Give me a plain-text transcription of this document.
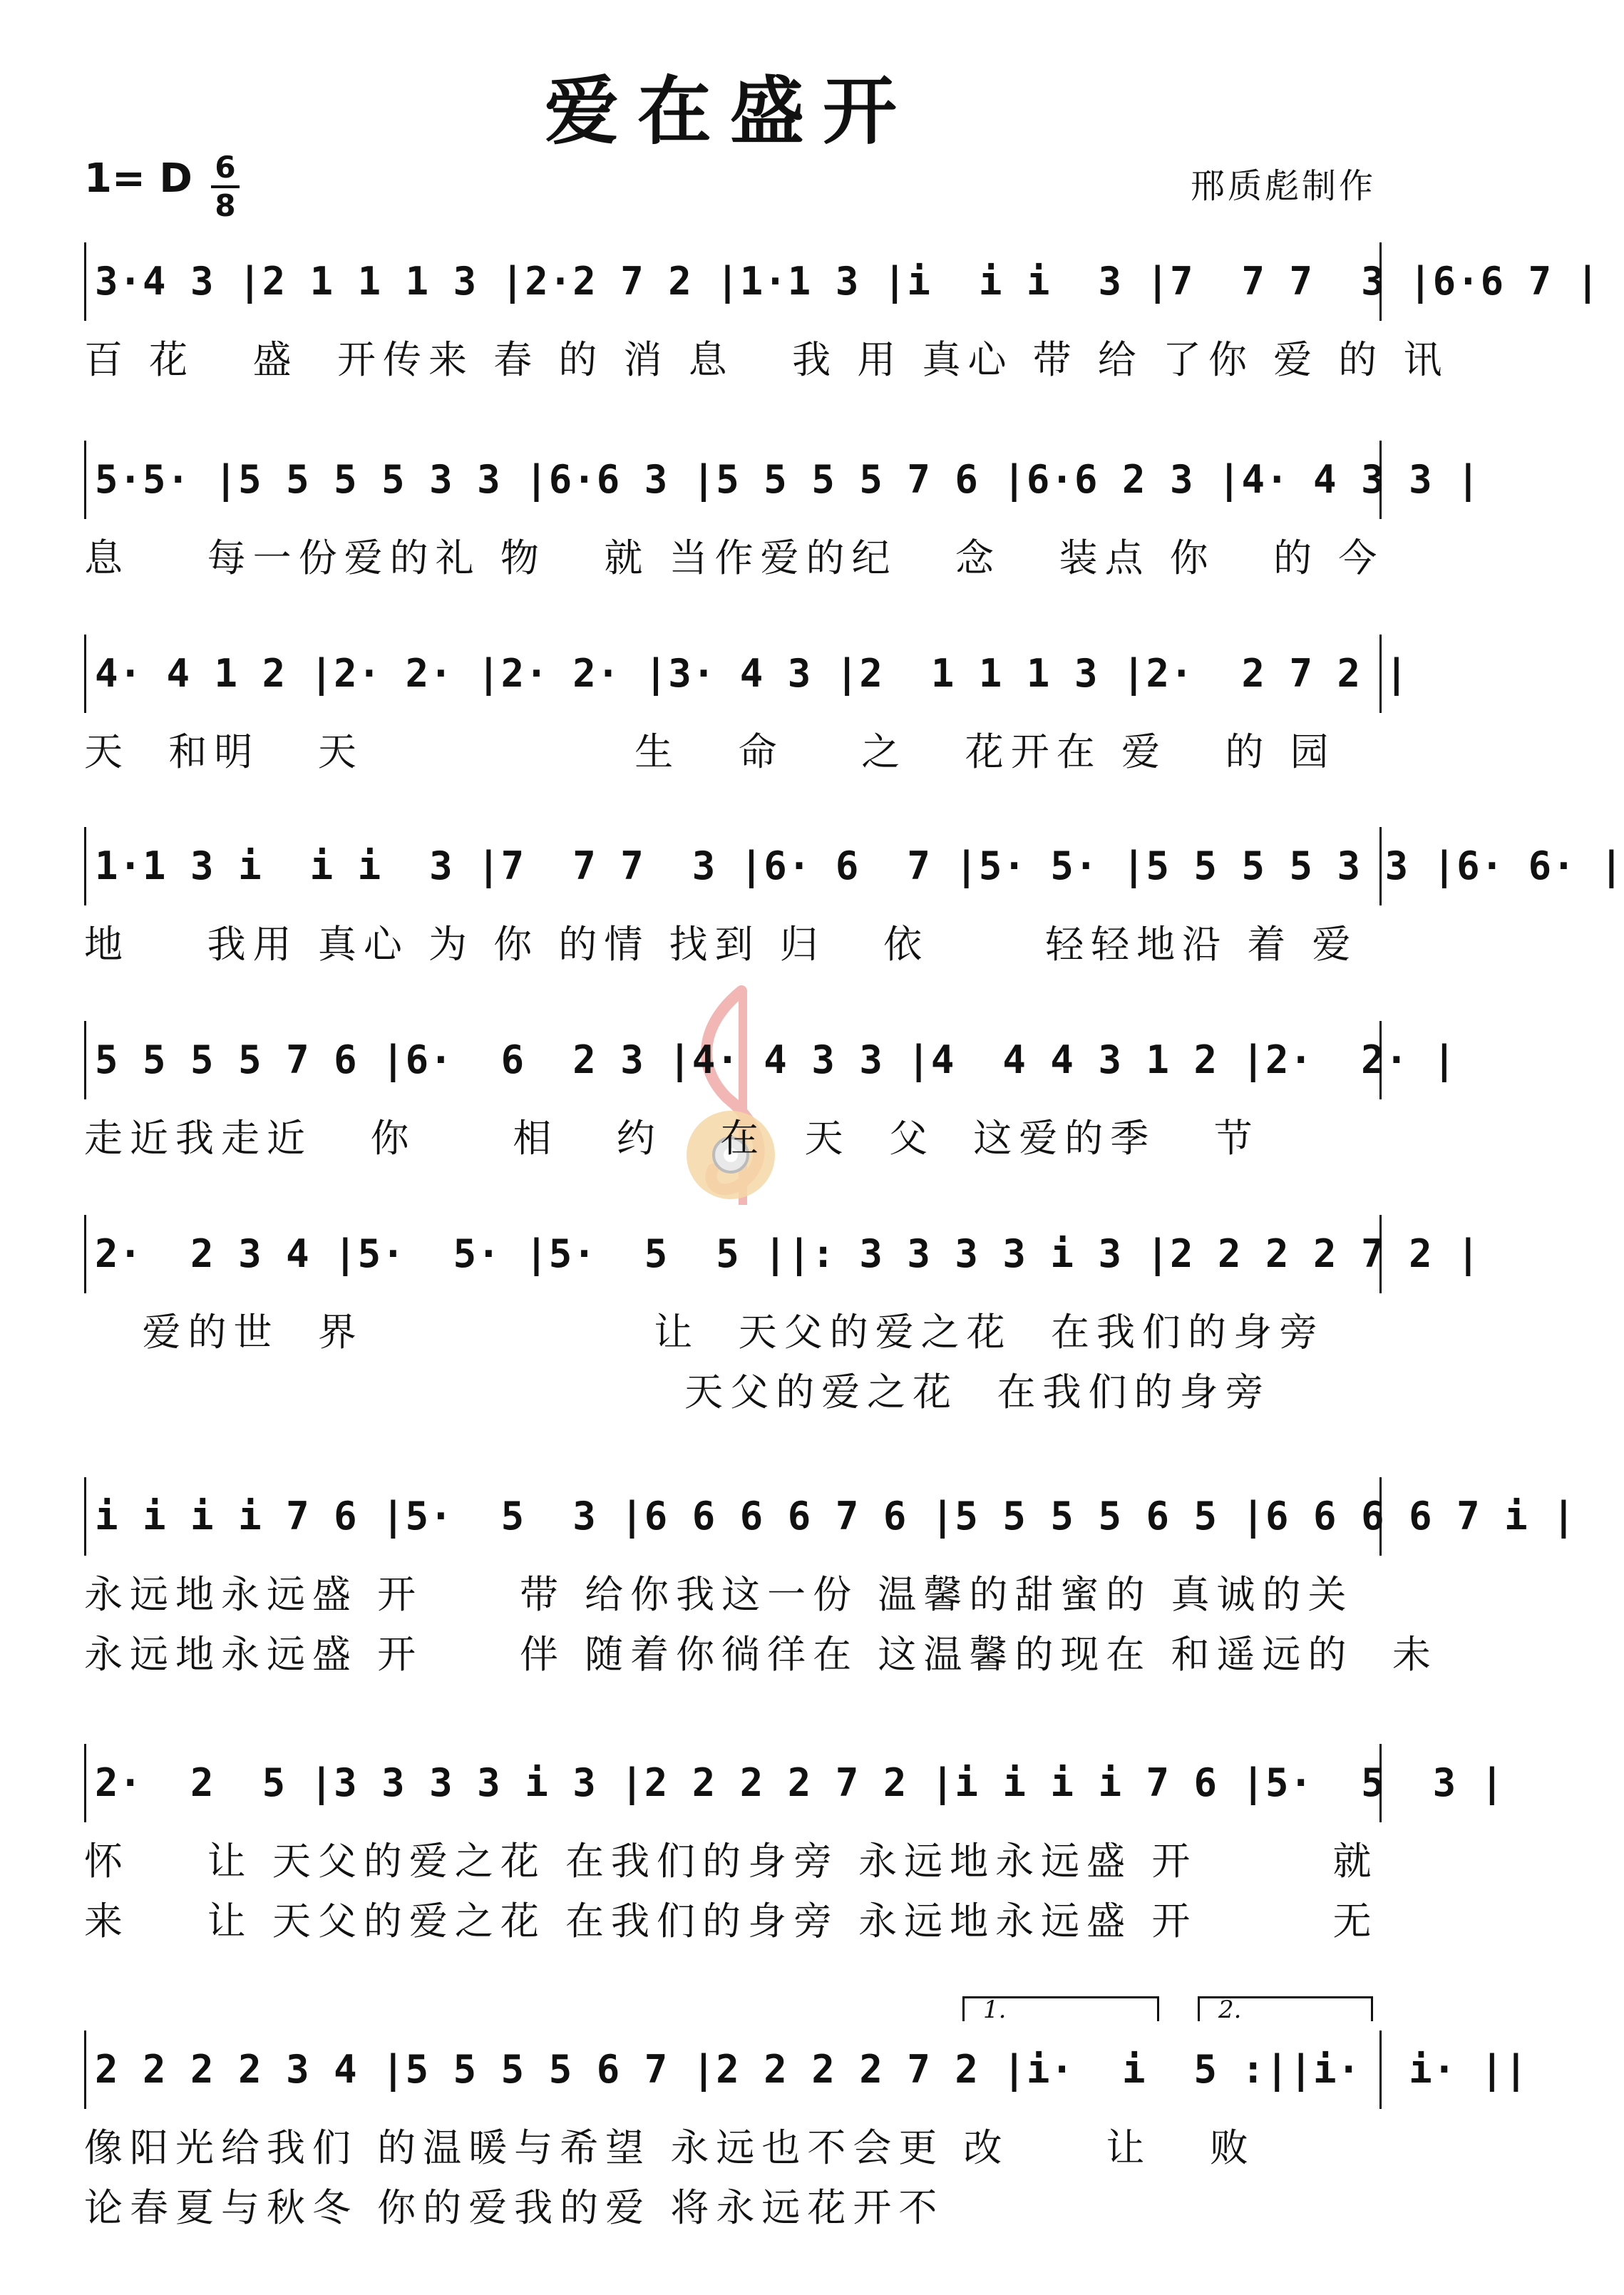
爱在盛开
1= D 6
8	邢质彪制作
1.	2.
3·4 3 |2 1 1 1 3 |2·2 7 2 |1·1 3 |i  i i  3 |7  7 7  3 |6·6 7 |
百 花   盛  开传来 春 的 消 息   我 用 真心 带 给 了你 爱 的 讯
5·5· |5 5 5 5 3 3 |6·6 3 |5 5 5 5 7 6 |6·6 2 3 |4· 4 3 3 |
息    每一份爱的礼 物   就 当作爱的纪   念   装点 你   的 今
4· 4 1 2 |2· 2· |2· 2· |3· 4 3 |2  1 1 1 3 |2·  2 7 2 |
天  和明   天              生   命    之   花开在 爱   的 园
1·1 3 i  i i  3 |7  7 7  3 |6· 6  7 |5· 5· |5 5 5 5 3 3 |6· 6· |
地    我用 真心 为 你 的情 找到 归   依      轻轻地沿 着 爱
5 5 5 5 7 6 |6·  6  2 3 |4· 4 3 3 |4  4 4 3 1 2 |2·  2· |
走近我走近   你     相   约   在  天  父  这爱的季   节
2·  2 3 4 |5·  5· |5·  5  5 ||: 3 3 3 3 i 3 |2 2 2 2 7 2 |
爱的世  界               让  天父的爱之花  在我们的身旁
天父的爱之花  在我们的身旁
i i i i 7 6 |5·  5  3 |6 6 6 6 7 6 |5 5 5 5 6 5 |6 6 6 6 7 i |
永远地永远盛 开     带 给你我这一份 温馨的甜蜜的 真诚的关
永远地永远盛 开     伴 随着你徜徉在 这温馨的现在 和遥远的  未
2·  2  5 |3 3 3 3 i 3 |2 2 2 2 7 2 |i i i i 7 6 |5·  5  3 |
怀    让 天父的爱之花 在我们的身旁 永远地永远盛 开       就
来    让 天父的爱之花 在我们的身旁 永远地永远盛 开       无
2 2 2 2 3 4 |5 5 5 5 6 7 |2 2 2 2 7 2 |i·  i  5 :||i·  i· ||
像阳光给我们 的温暖与希望 永远也不会更 改     让   败
论春夏与秋冬 你的爱我的爱 将永远花开不
